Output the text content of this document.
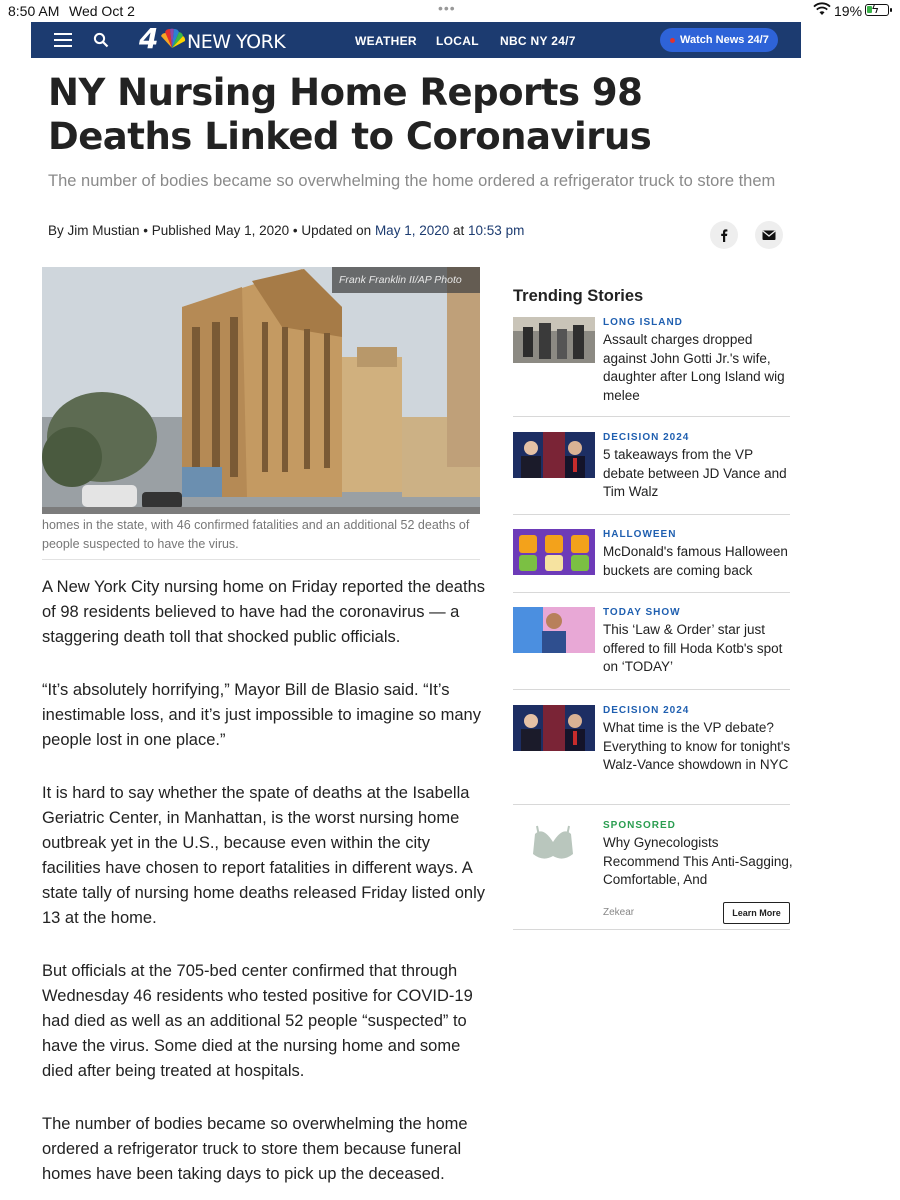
8:50 AM Wed Oct 2	•••	19% ϟ
4 NEW YORK	WEATHER LOCAL NBC NY 24/7	Watch News 24/7
NY Nursing Home Reports 98 Deaths Linked to Coronavirus

The number of bodies became so overwhelming the home ordered a refrigerator truck to store them

By Jim Mustian • Published May 1, 2020 • Updated on May 1, 2020 at 10:53 pm
Frank Franklin II/AP Photo

homes in the state, with 46 confirmed fatalities and an additional 52 deaths of people suspected to have the virus.

A New York City nursing home on Friday reported the deaths of 98 residents believed to have had the coronavirus — a staggering death toll that shocked public officials.

“It’s absolutely horrifying,” Mayor Bill de Blasio said. “It’s inestimable loss, and it’s just impossible to imagine so many people lost in one place.”

It is hard to say whether the spate of deaths at the Isabella Geriatric Center, in Manhattan, is the worst nursing home outbreak yet in the U.S., because even within the city facilities have chosen to report fatalities in different ways. A state tally of nursing home deaths released Friday listed only 13 at the home.

But officials at the 705-bed center confirmed that through Wednesday 46 residents who tested positive for COVID-19 had died as well as an additional 52 people “suspected” to have the virus. Some died at the nursing home and some died after being treated at hospitals.

The number of bodies became so overwhelming the home ordered a refrigerator truck to store them because funeral homes have been taking days to pick up the deceased.

Trending Stories
LONG ISLAND
Assault charges dropped against John Gotti Jr.'s wife, daughter after Long Island wig melee
DECISION 2024
5 takeaways from the VP debate between JD Vance and Tim Walz
HALLOWEEN
McDonald's famous Halloween buckets are coming back
TODAY SHOW
This ‘Law & Order’ star just offered to fill Hoda Kotb's spot on ‘TODAY’
DECISION 2024
What time is the VP debate? Everything to know for tonight's Walz-Vance showdown in NYC
SPONSORED
Why Gynecologists Recommend This Anti-Sagging, Comfortable, And
Zekear	Learn More
